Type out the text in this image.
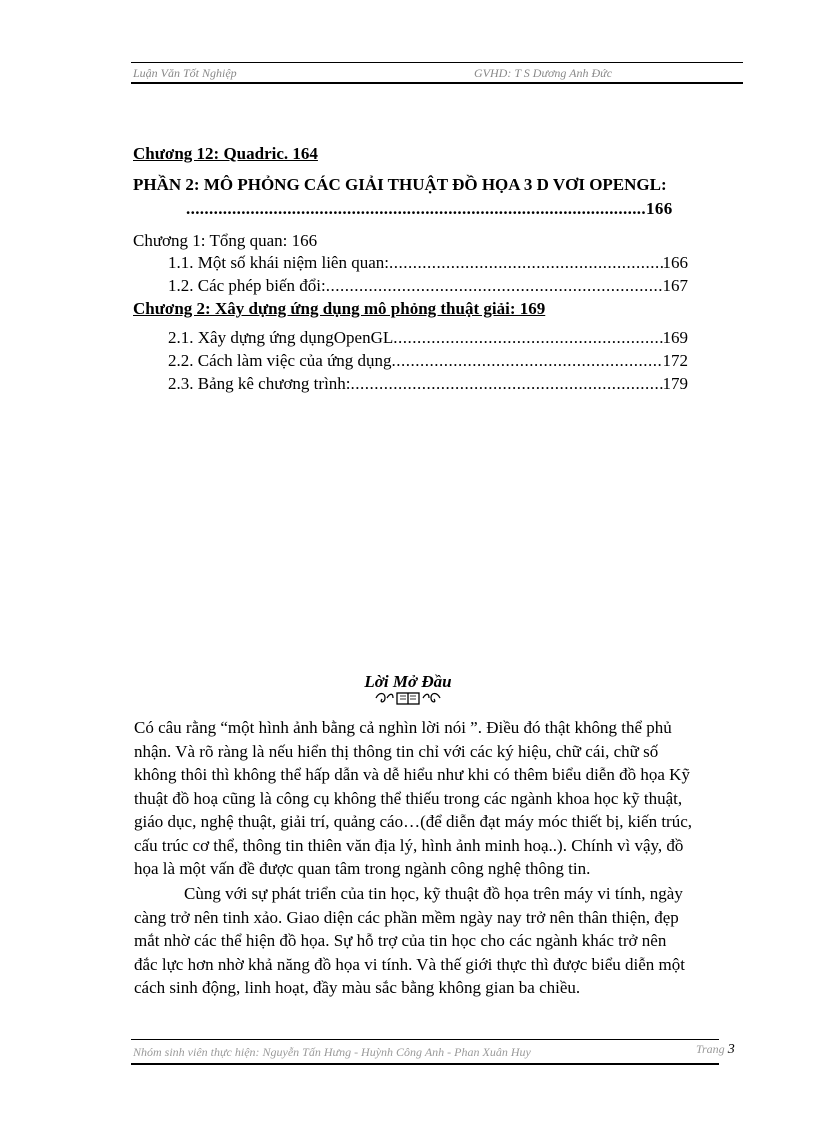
Luận Văn Tốt Nghiệp	GVHD: T S Dương Anh Đức
Chương 12: Quadric. 164
PHẦN 2: MÔ PHỎNG CÁC GIẢI THUẬT ĐỒ HỌA 3 D VƠI OPENGL:
....................................................................................................166
Chương 1: Tổng quan: 166
1.1. Một số khái niệm liên quan: .....	166
1.2. Các phép biến đổi: .....	167
Chương 2: Xây dựng ứng dụng mô phỏng thuật giải: 169
2.1. Xây dựng ứng dụngOpenGL .....	169
2.2. Cách làm việc của ứng dụng .....	172
2.3. Bảng kê chương trình: .....	179
Lời Mở Đầu

Có câu rằng “một hình ảnh bằng cả nghìn lời nói ”. Điều đó thật không thể phủ nhận. Và rõ ràng là nếu hiển thị thông tin chỉ với các ký hiệu, chữ cái, chữ số không thôi thì không thể hấp dẫn và dễ hiểu như khi có thêm biểu diễn đồ họa Kỹ thuật đồ hoạ cũng là công cụ không thể thiếu trong các ngành khoa học kỹ thuật, giáo dục, nghệ thuật, giải trí, quảng cáo…(để diễn đạt máy móc thiết bị, kiến trúc, cấu trúc cơ thể, thông tin thiên văn địa lý, hình ảnh minh hoạ..). Chính vì vậy, đồ họa là một vấn đề được quan tâm trong ngành công nghệ thông tin.

Cùng với sự phát triển của tin học, kỹ thuật đồ họa trên máy vi tính, ngày càng trở nên tinh xảo. Giao diện các phần mềm ngày nay trở nên thân thiện, đẹp mắt nhờ các thể hiện đồ họa. Sự hỗ trợ của tin học cho các ngành khác trở nên đắc lực hơn nhờ khả năng đồ họa vi tính. Và thế giới thực thì được biểu diễn một cách sinh động, linh hoạt, đầy màu sắc bằng không gian ba chiều.

Nhóm sinh viên thực hiện: Nguyễn Tấn Hưng - Huỳnh Công Anh - Phan Xuân Huy	Trang 3
